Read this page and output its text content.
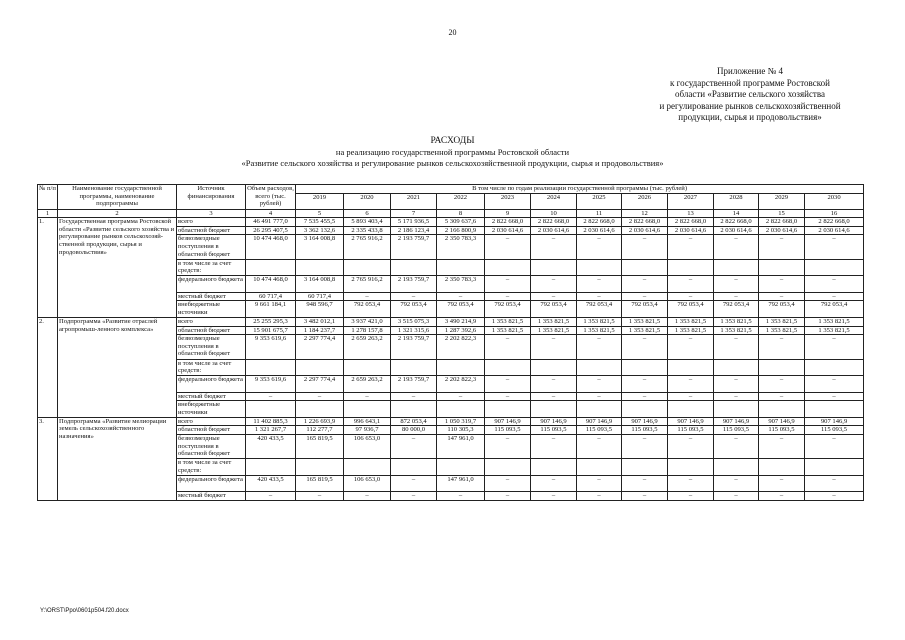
20
Приложение № 4
к государственной программе Ростовской
области «Развитие сельского хозяйства
и регулирование рынков сельскохозяйственной
продукции, сырья и продовольствия»
РАСХОДЫ
на реализацию государственной программы Ростовской области
«Развитие сельского хозяйства и регулирование рынков сельскохозяйственной продукции, сырья и продовольствия»
№ п/п	Наименование государственной программы, наименование подпрограммы	Источник финансирования	Объем расходов, всего (тыс. рублей)	В том числе по годам реализации государственной программы (тыс. рублей)											
				2019	2020	2021	2022	2023	2024	2025	2026	2027	2028	2029	2030
1	2	3	4	5	6	7	8	9	10	11	12	13	14	15	16
1.	Государственная программа Ростовской области «Развитие сельского хозяйства и регулирование рынков сельскохозяй-ственной продукции, сырья и продовольствия»	всего	46 491 777,0	7 535 455,5	5 893 403,4	5 171 936,5	5 309 637,6	2 822 668,0	2 822 668,0	2 822 668,0	2 822 668,0	2 822 668,0	2 822 668,0	2 822 668,0	2 822 668,0
		областной бюджет	26 295 407,5	3 362 132,6	2 335 433,8	2 186 123,4	2 166 800,9	2 030 614,6	2 030 614,6	2 030 614,6	2 030 614,6	2 030 614,6	2 030 614,6	2 030 614,6	2 030 614,6
		безвозмездные поступления в областной бюджет	10 474 468,0	3 164 008,8	2 765 916,2	2 193 759,7	2 350 783,3	–	–	–	–	–	–	–	–
		в том числе за счет средств:													
		федерального бюджета	10 474 468,0	3 164 008,8	2 765 916,2	2 193 759,7	2 350 783,3	–	–	–	–	–	–	–	–
		местный бюджет	60 717,4	60 717,4	–	–	–	–	–	–	–	–	–	–	–
		внебюджетные источники	9 661 184,1	948 596,7	792 053,4	792 053,4	792 053,4	792 053,4	792 053,4	792 053,4	792 053,4	792 053,4	792 053,4	792 053,4	792 053,4
2.	Подпрограмма «Развитие отраслей агропромыш-ленного комплекса»	всего	25 255 295,3	3 482 012,1	3 937 421,0	3 515 075,3	3 490 214,9	1 353 821,5	1 353 821,5	1 353 821,5	1 353 821,5	1 353 821,5	1 353 821,5	1 353 821,5	1 353 821,5
		областной бюджет	15 901 675,7	1 184 237,7	1 278 157,8	1 321 315,6	1 287 392,6	1 353 821,5	1 353 821,5	1 353 821,5	1 353 821,5	1 353 821,5	1 353 821,5	1 353 821,5	1 353 821,5
		безвозмездные поступления в областной бюджет	9 353 619,6	2 297 774,4	2 659 263,2	2 193 759,7	2 202 822,3	–	–	–	–	–	–	–	–
		в том числе за счет средств:													
		федерального бюджета	9 353 619,6	2 297 774,4	2 659 263,2	2 193 759,7	2 202 822,3	–	–	–	–	–	–	–	–
		местный бюджет	–	–	–	–	–	–	–	–	–	–	–	–	–
		внебюджетные источники													
3.	Подпрограмма «Развитие мелиорации земель сельскохозяйственного назначения»	всего	11 402 885,3	1 226 693,9	996 643,1	872 053,4	1 050 319,7	907 146,9	907 146,9	907 146,9	907 146,9	907 146,9	907 146,9	907 146,9	907 146,9
		областной бюджет	1 321 267,7	112 277,7	97 936,7	80 000,0	110 305,3	115 093,5	115 093,5	115 093,5	115 093,5	115 093,5	115 093,5	115 093,5	115 093,5
		безвозмездные поступления в областной бюджет	420 433,5	165 819,5	106 653,0	–	147 961,0	–	–	–	–	–	–	–	–
		в том числе за счет средств:													
		федерального бюджета	420 433,5	165 819,5	106 653,0	–	147 961,0	–	–	–	–	–	–	–	–
		местный бюджет	–	–	–	–	–	–	–	–	–	–	–	–	–
Y:\ORST\Ppo\0601p504.f20.docx
